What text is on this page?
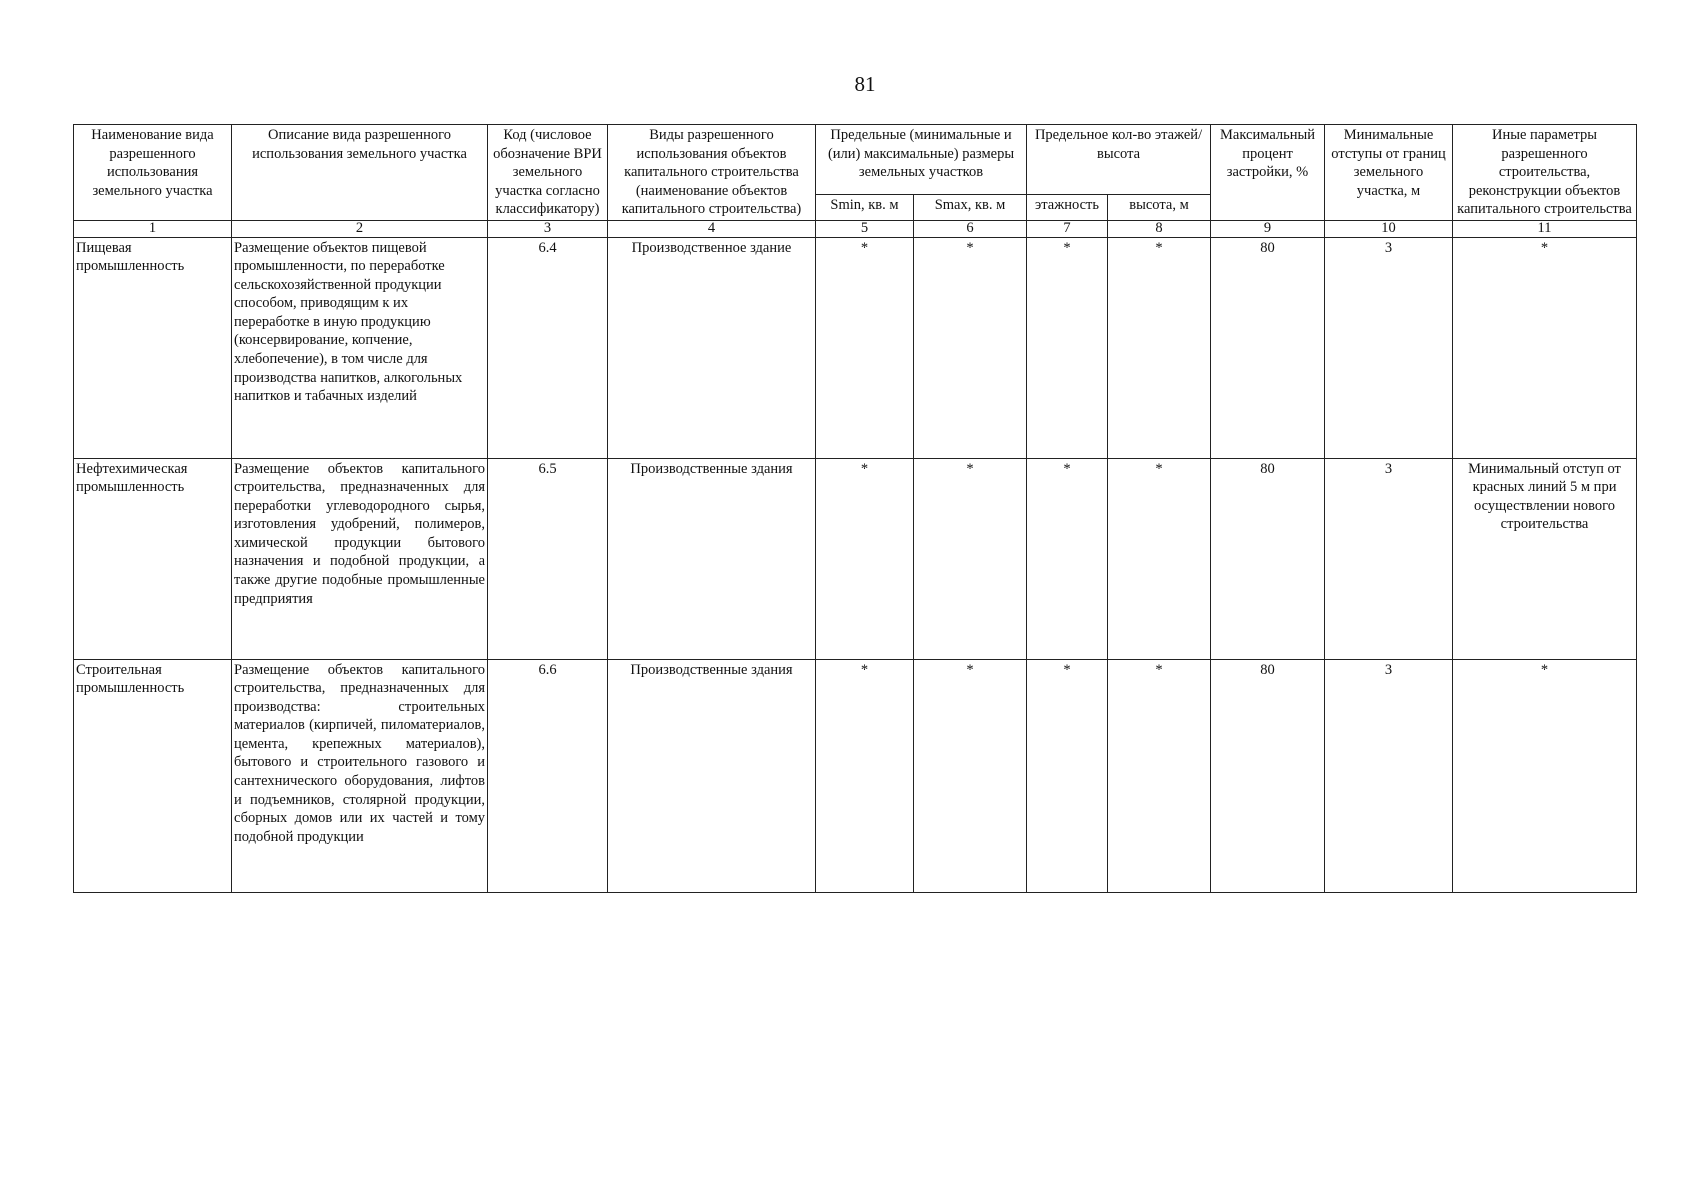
81
Наименование вида разрешенного использования земельного участка	Описание вида разрешенного использования земельного участка	Код (числовое обозначение ВРИ земельного участка согласно классификатору)	Виды разрешенного использования объектов капитального строительства (наименование объектов капитального строительства)	Предельные (минимальные и (или) максимальные) размеры земельных участков		Предельное кол-во этажей/высота		Максимальный процент застройки, %	Минимальные отступы от границ земельного участка, м	Иные параметры разрешенного строительства, реконструкции объектов капитального строительства
				Smin, кв. м	Smax, кв. м	этажность	высота, м			
1	2	3	4	5	6	7	8	9	10	11
Пищевая промышленность	Размещение объектов пищевой промышленности, по переработке сельскохозяйственной продукции способом, приводящим к их переработке в иную продукцию (консервирование, копчение, хлебопечение), в том числе для производства напитков, алкогольных напитков и табачных изделий	6.4	Производственное здание	*	*	*	*	80	3	*
Нефтехимическая промышленность	Размещение объектов капитального строительства, предназначенных для переработки углеводородного сырья, изготовления удобрений, полимеров, химической продукции бытового назначения и подобной продукции, а также другие подобные промышленные предприятия	6.5	Производственные здания	*	*	*	*	80	3	Минимальный отступ от красных линий 5 м при осуществлении нового строительства
Строительная промышленность	Размещение объектов капитального строительства, предназначенных для производства: строительных материалов (кирпичей, пиломатериалов, цемента, крепежных материалов), бытового и строительного газового и сантехнического оборудования, лифтов и подъемников, столярной продукции, сборных домов или их частей и тому подобной продукции	6.6	Производственные здания	*	*	*	*	80	3	*
